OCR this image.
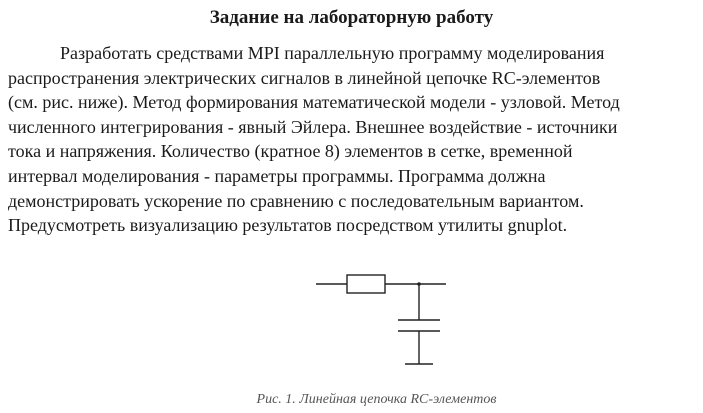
Задание на лабораторную работу
Разработать средствами MPI параллельную программу моделирования
распространения электрических сигналов в линейной цепочке RC-элементов
(см. рис. ниже). Метод формирования математической модели - узловой. Метод
численного интегрирования - явный Эйлера. Внешнее воздействие - источники
тока и напряжения. Количество (кратное 8) элементов в сетке, временной
интервал моделирования - параметры программы. Программа должна
демонстрировать ускорение по сравнению с последовательным вариантом.
Предусмотреть визуализацию результатов посредством утилиты gnuplot.
Рис. 1. Линейная цепочка RC-элементов
